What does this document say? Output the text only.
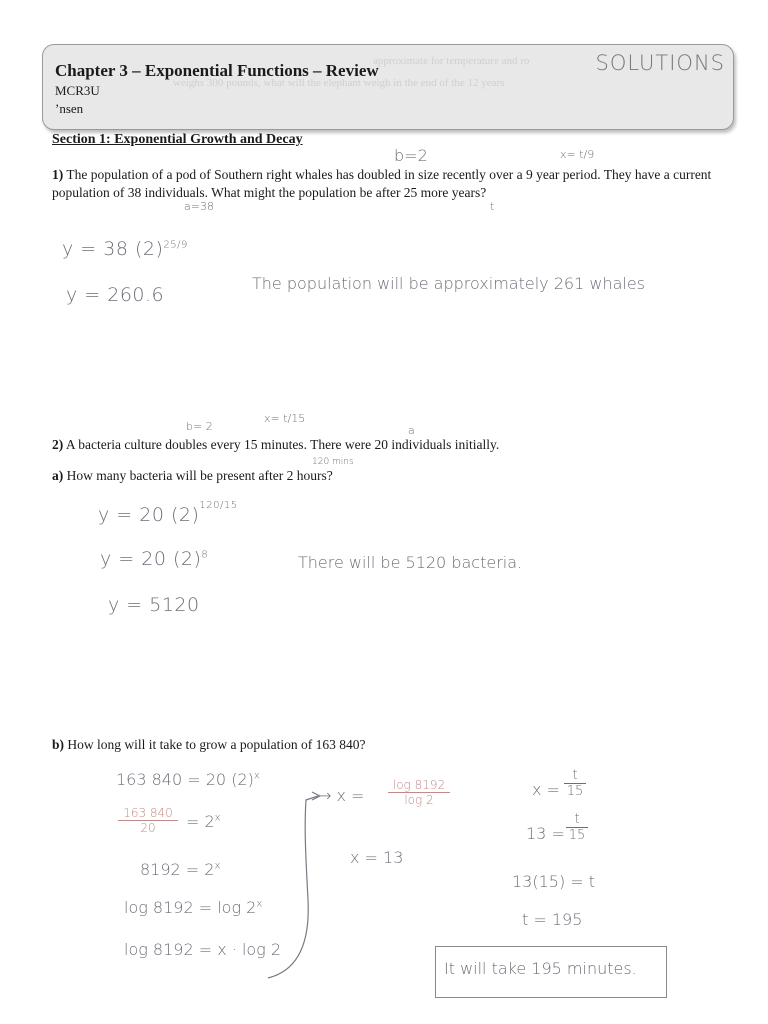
approximate for temperature and ro
weighs 300 pounds, what will the elephant weigh in the end of the 12 years
Chapter 3 – Exponential Functions – Review
MCR3U
’nsen
SOLUTIONS
Section 1: Exponential Growth and Decay
b=2	x= t/9
1) The population of a pod of Southern right whales has doubled in size recently over a 9 year period. They have a current population of 38 individuals. What might the population be after 25 more years?
a=38	t
y = 38 $(2)^{25/9}$
y = 260.6
The population will be approximately 261 whales
b= 2
x= t/15
a
2) A bacteria culture doubles every 15 minutes. There were 20 individuals initially.
120 mins
a) How many bacteria will be present after 2 hours?
y = 20 $(2)^{120/15}$
y = 20 $(2)^8$
y = 5120
There will be 5120 bacteria.
b) How long will it take to grow a population of 163 840?
163 840 = 20 $(2)^x$
$\frac{163 840}{20} = 2^x$
$8192 = 2^x$
log 8192 = log 2$^x$
log 8192 = x · log 2
→ $x = \frac{\log 8192}{\log 2}$
x = 13
$x = \frac{t}{15}$
$13 = \frac{t}{15}$
13(15) = t
t = 195
It will take 195 minutes.
